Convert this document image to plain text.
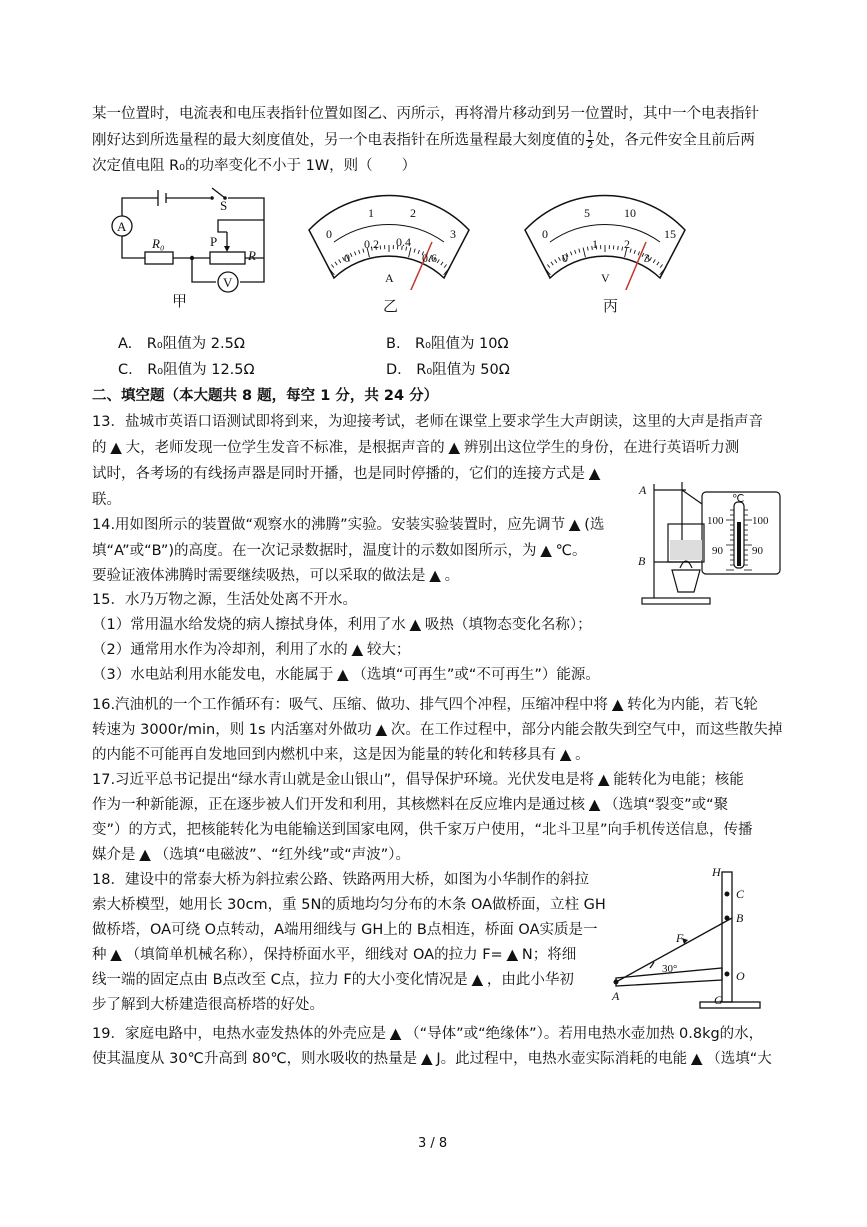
某一位置时，电流表和电压表指针位置如图乙、丙所示，再将滑片移动到另一位置时，其中一个电表指针
刚好达到所选量程的最大刻度值处，另一个电表指针在所选量程最大刻度值的 $\frac{1}{2}$ 处，各元件安全且前后两
次定值电阻 R₀的功率变化不小于 1W，则（　　）
A
V
S
R₀	P
R
甲
0
1	2
3
0
0.2 0.4
0.6
A
乙
0
5	10
15
0
1 2
3
V
丙
A.　R₀阻值为 2.5Ω	B.　R₀阻值为 10Ω
C.　R₀阻值为 12.5Ω	D.　R₀阻值为 50Ω
二、填空题（本大题共 8 题，每空 1 分，共 24 分）
13．盐城市英语口语测试即将到来，为迎接考试，老师在课堂上要求学生大声朗读，这里的大声是指声音
的 ▲ 大，老师发现一位学生发音不标准，是根据声音的 ▲ 辨别出这位学生的身份，在进行英语听力测
试时，各考场的有线扬声器是同时开播，也是同时停播的，它们的连接方式是 ▲
联。
14.用如图所示的装置做“观察水的沸腾”实验。安装实验装置时，应先调节 ▲ (选
填“A”或“B”)的高度。在一次记录数据时，温度计的示数如图所示，为 ▲ ℃。
要验证液体沸腾时需要继续吸热，可以采取的做法是 ▲ 。
A
B
℃
100	100
90	90
15．水乃万物之源，生活处处离不开水。
（1）常用温水给发烧的病人擦拭身体，利用了水 ▲ 吸热（填物态变化名称）；
（2）通常用水作为冷却剂，利用了水的 ▲ 较大；
（3）水电站利用水能发电，水能属于 ▲ （选填“可再生”或“不可再生”）能源。
16.汽油机的一个工作循环有：吸气、压缩、做功、排气四个冲程，压缩冲程中将 ▲ 转化为内能，若飞轮
转速为 3000r/min，则 1s 内活塞对外做功 ▲ 次。在工作过程中，部分内能会散失到空气中，而这些散失掉
的内能不可能再自发地回到内燃机中来，这是因为能量的转化和转移具有 ▲ 。
17.习近平总书记提出“绿水青山就是金山银山”，倡导保护环境。光伏发电是将 ▲ 能转化为电能；核能
作为一种新能源，正在逐步被人们开发和利用，其核燃料在反应堆内是通过核 ▲ （选填“裂变”或“聚
变”）的方式，把核能转化为电能输送到国家电网，供千家万户使用，“北斗卫星”向手机传送信息，传播
媒介是 ▲ （选填“电磁波”、“红外线”或“声波”）。
18．建设中的常泰大桥为斜拉索公路、铁路两用大桥，如图为小华制作的斜拉
索大桥模型，她用长 30cm，重 5N的质地均匀分布的木条 OA做桥面，立柱 GH
做桥塔，OA可绕 O点转动，A端用细线与 GH上的 B点相连，桥面 OA实质是一
种 ▲ （填简单机械名称），保持桥面水平，细线对 OA的拉力 F= ▲ N；将细
线一端的固定点由 B点改至 C点，拉力 F的大小变化情况是 ▲ ，由此小华初
步了解到大桥建造很高桥塔的好处。
H
C
B
F
30°	O
A	G
19．家庭电路中，电热水壶发热体的外壳应是 ▲ （“导体”或“绝缘体”）。若用电热水壶加热 0.8kg的水，
使其温度从 30℃升高到 80℃，则水吸收的热量是 ▲ J。此过程中，电热水壶实际消耗的电能 ▲ （选填“大
3 / 8
